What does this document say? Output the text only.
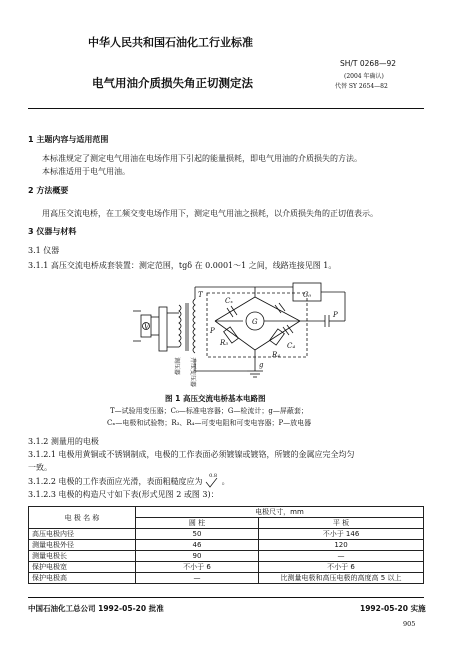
中华人民共和国石油化工行业标准
SH/T 0268—92
电气用油介质损失角正切测定法	(2004 年确认)
代替 SY 2654—82
1 主题内容与适用范围
本标准规定了测定电气用油在电场作用下引起的能量损耗，即电气用油的介质损失的方法。
本标准适用于电气用油。
2 方法概要
用高压交流电桥，在工频交变电场作用下，测定电气用油之损耗，以介质损失角的正切值表示。
3 仪器与材料
3.1 仪器
3.1.1 高压交流电桥成套装置：测定范围，tgδ 在 0.0001～1 之间，线路连接见图 1。
T
Cₓ
C₀
G
C₄
R₃
R₄
P
P
g
V
调压器 升压变压器
图 1 高压交流电桥基本电路图
T—试验用变压器；C₀—标准电容器；G—检流计；g—屏蔽套；
Cₓ—电极和试验物；R₃、R₄—可变电阻和可变电容器；P—放电器
3.1.2 测量用的电极
3.1.2.1 电极用黄铜或不锈钢制成，电极的工作表面必须镀镍或镀铬，所镀的金属应完全均匀
一致。
3.1.2.2 电极的工作表面应光滑，表面粗糙度应为
0.8
。
3.1.2.3 电极的构造尺寸如下表(形式见图 2 或图 3)：
电 极 名 称	电极尺寸，mm	
	圆 柱	平 板
高压电极内径	50	不小于 146
测量电极外径	46	120
测量电极长	90	—
保护电极宽	不小于 6	不小于 6
保护电极高	—	比测量电极和高压电极的高度高 5 以上
中国石油化工总公司 1992-05-20 批准	1992-05-20 实施
905
